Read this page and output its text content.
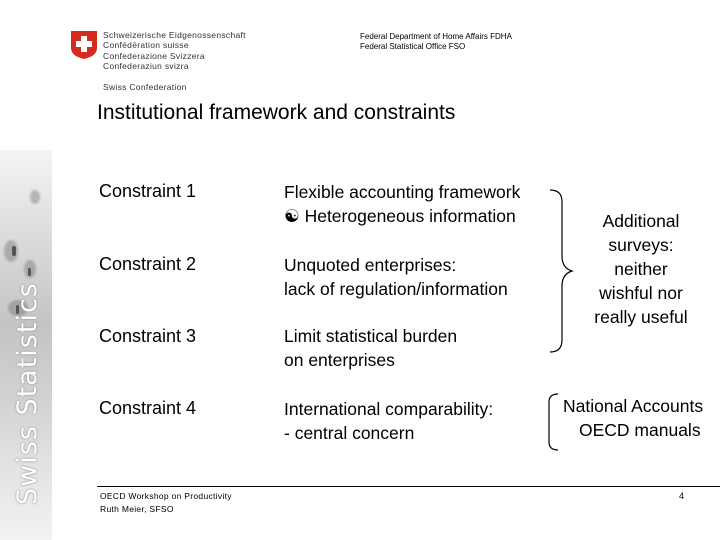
Swiss Statistics
Schweizerische Eidgenossenschaft
Confédération suisse
Confederazione Svizzera
Confederaziun svizra
Swiss Confederation
Federal Department of Home Affairs FDHA
Federal Statistical Office FSO
Institutional framework and constraints
Constraint 1
Constraint 2
Constraint 3
Constraint 4
Flexible accounting framework
☯ Heterogeneous information
Unquoted enterprises:
lack of regulation/information
Limit statistical burden
on enterprises
International comparability:
- central concern
Additional
surveys:
neither
wishful nor
really useful
National Accounts
OECD manuals
OECD Workshop on Productivity
Ruth Meier, SFSO
4
